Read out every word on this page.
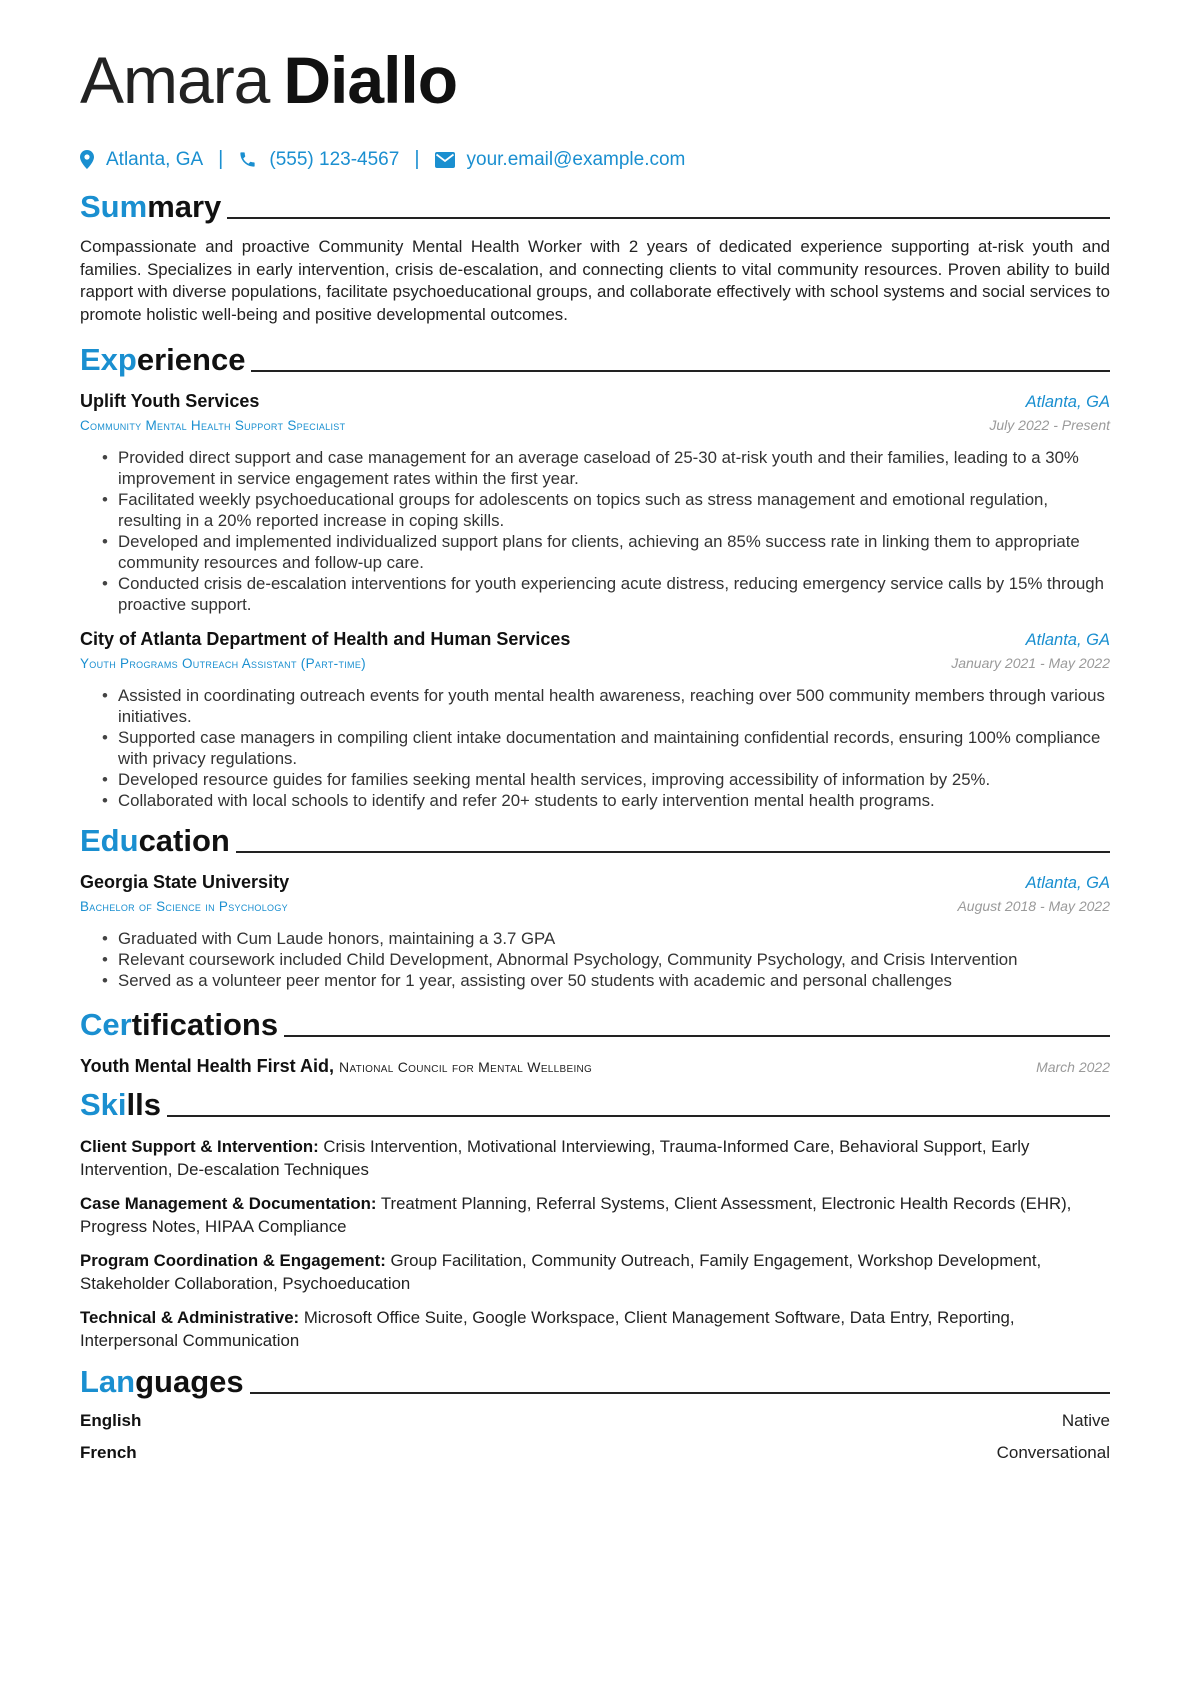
Amara Diallo
Atlanta, GA | (555) 123-4567 | your.email@example.com
Summary

Compassionate and proactive Community Mental Health Worker with 2 years of dedicated experience supporting at-risk youth and families. Specializes in early intervention, crisis de-escalation, and connecting clients to vital community resources. Proven ability to build rapport with diverse populations, facilitate psychoeducational groups, and collaborate effectively with school systems and social services to promote holistic well-being and positive developmental outcomes.

Experience
Uplift Youth Services	Atlanta, GA
Community Mental Health Support Specialist	July 2022 - Present
• Provided direct support and case management for an average caseload of 25-30 at-risk youth and their families, leading to a 30% improvement in service engagement rates within the first year.
• Facilitated weekly psychoeducational groups for adolescents on topics such as stress management and emotional regulation, resulting in a 20% reported increase in coping skills.
• Developed and implemented individualized support plans for clients, achieving an 85% success rate in linking them to appropriate community resources and follow-up care.
• Conducted crisis de-escalation interventions for youth experiencing acute distress, reducing emergency service calls by 15% through proactive support.
City of Atlanta Department of Health and Human Services	Atlanta, GA
Youth Programs Outreach Assistant (Part-time)	January 2021 - May 2022
• Assisted in coordinating outreach events for youth mental health awareness, reaching over 500 community members through various initiatives.
• Supported case managers in compiling client intake documentation and maintaining confidential records, ensuring 100% compliance with privacy regulations.
• Developed resource guides for families seeking mental health services, improving accessibility of information by 25%.
• Collaborated with local schools to identify and refer 20+ students to early intervention mental health programs.
Education
Georgia State University	Atlanta, GA
Bachelor of Science in Psychology	August 2018 - May 2022
• Graduated with Cum Laude honors, maintaining a 3.7 GPA
• Relevant coursework included Child Development, Abnormal Psychology, Community Psychology, and Crisis Intervention
• Served as a volunteer peer mentor for 1 year, assisting over 50 students with academic and personal challenges
Certifications
Youth Mental Health First Aid, National Council for Mental Wellbeing	March 2022
Skills

Client Support & Intervention: Crisis Intervention, Motivational Interviewing, Trauma-Informed Care, Behavioral Support, Early Intervention, De-escalation Techniques

Case Management & Documentation: Treatment Planning, Referral Systems, Client Assessment, Electronic Health Records (EHR), Progress Notes, HIPAA Compliance

Program Coordination & Engagement: Group Facilitation, Community Outreach, Family Engagement, Workshop Development, Stakeholder Collaboration, Psychoeducation

Technical & Administrative: Microsoft Office Suite, Google Workspace, Client Management Software, Data Entry, Reporting, Interpersonal Communication

Languages
English	Native
French	Conversational
